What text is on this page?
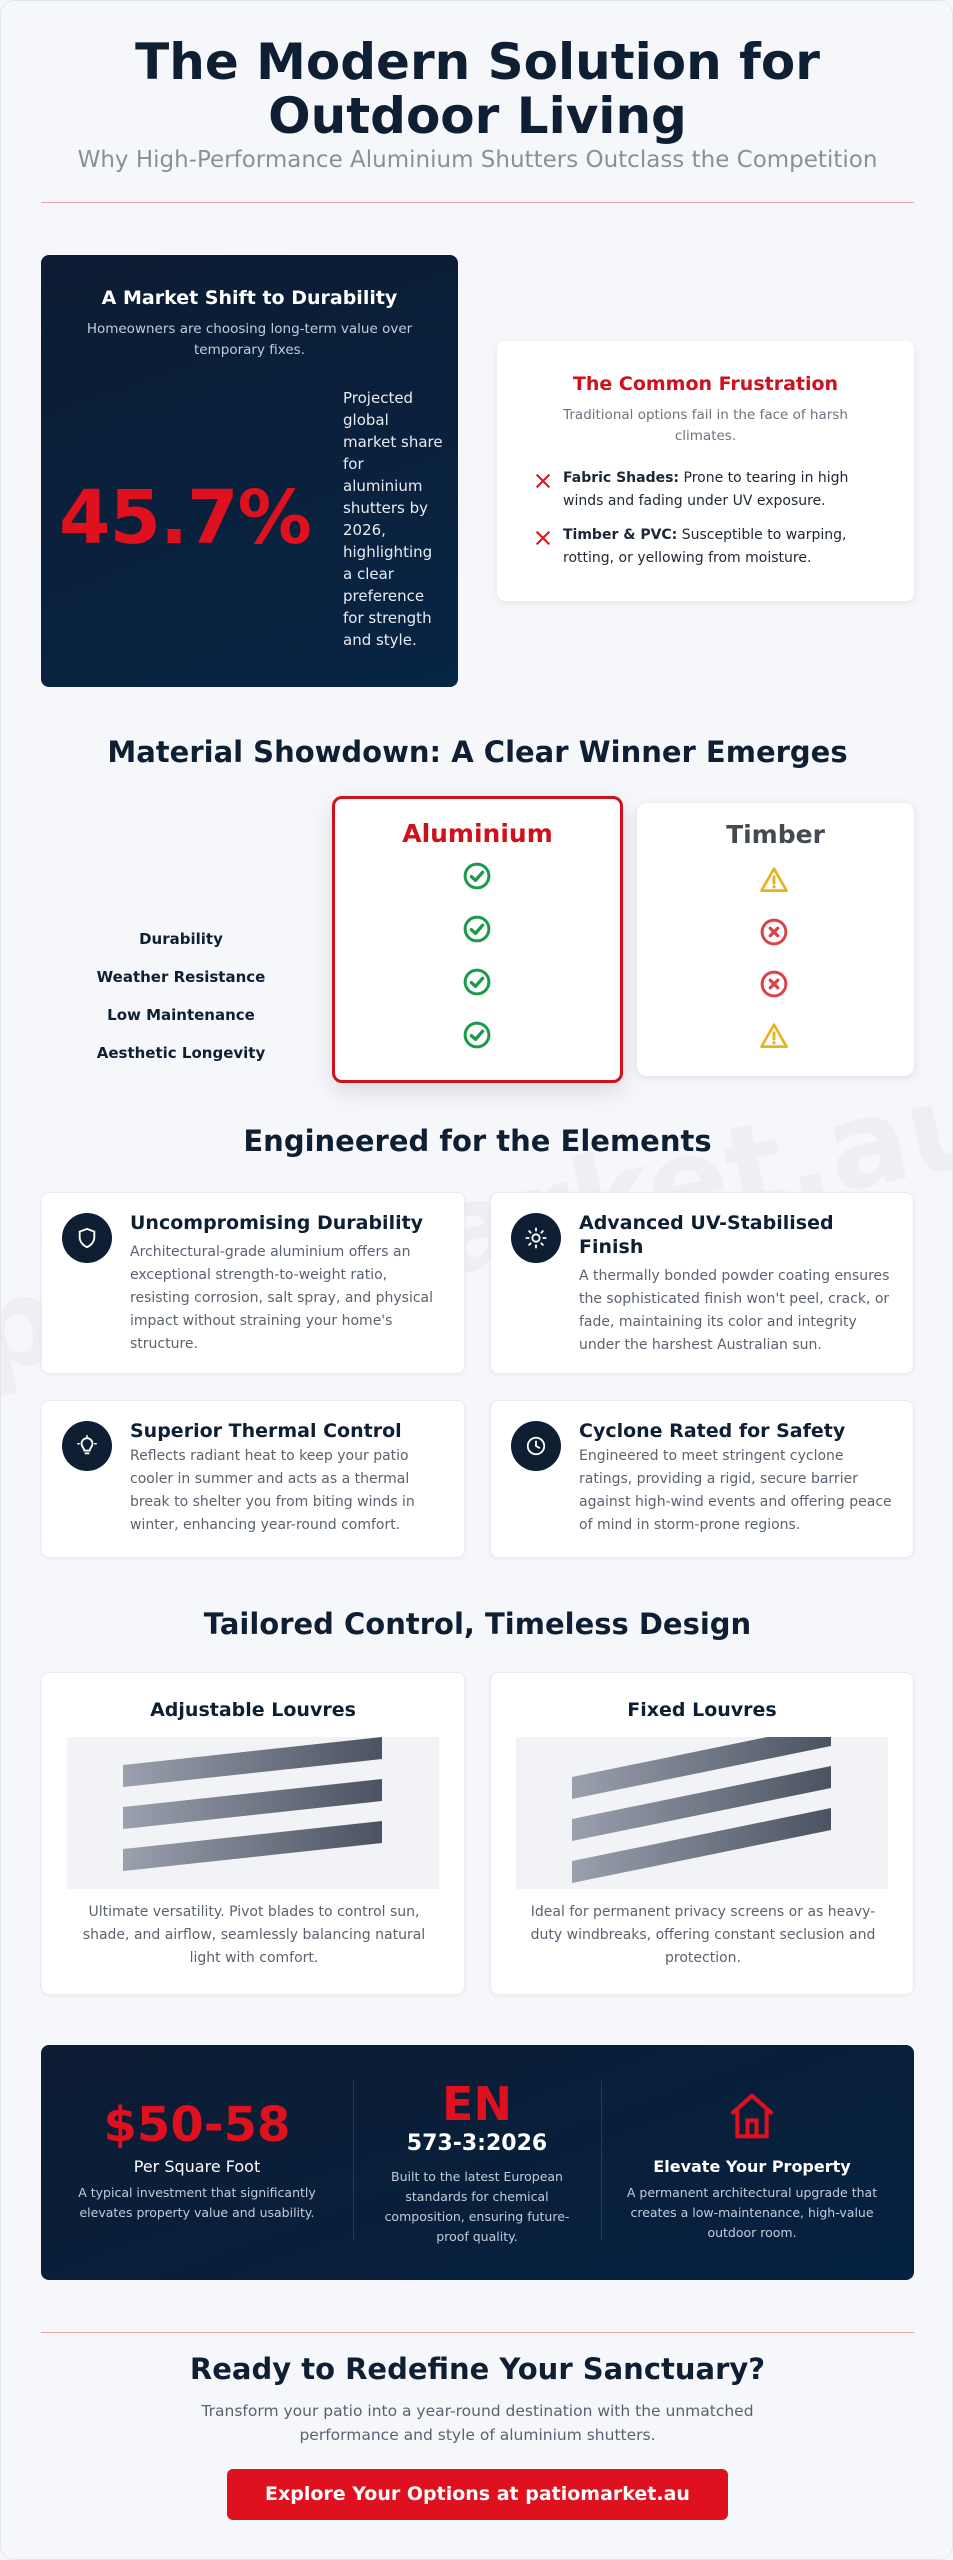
The Modern Solution for Outdoor Living
Why High-Performance Aluminium Shutters Outclass the Competition
A Market Shift to Durability
Homeowners are choosing long-term value over temporary fixes.
45.7%
Projected global market share for aluminium shutters by 2026, highlighting a clear preference for strength and style.
The Common Frustration
Traditional options fail in the face of harsh climates.
Fabric Shades: Prone to tearing in high winds and fading under UV exposure.
Timber & PVC: Susceptible to warping, rotting, or yellowing from moisture.
Material Showdown: A Clear Winner Emerges
Durability
Weather Resistance
Low Maintenance
Aesthetic Longevity
Aluminium	Timber
Engineered for the Elements
Uncompromising Durability
Architectural-grade aluminium offers an exceptional strength-to-weight ratio, resisting corrosion, salt spray, and physical impact without straining your home's structure.
Advanced UV-Stabilised Finish
A thermally bonded powder coating ensures the sophisticated finish won't peel, crack, or fade, maintaining its color and integrity under the harshest Australian sun.
Superior Thermal Control
Reflects radiant heat to keep your patio cooler in summer and acts as a thermal break to shelter you from biting winds in winter, enhancing year-round comfort.
Cyclone Rated for Safety
Engineered to meet stringent cyclone ratings, providing a rigid, secure barrier against high-wind events and offering peace of mind in storm-prone regions.
Tailored Control, Timeless Design
Adjustable Louvres
Ultimate versatility. Pivot blades to control sun, shade, and airflow, seamlessly balancing natural light with comfort.
Fixed Louvres
Ideal for permanent privacy screens or as heavy-duty windbreaks, offering constant seclusion and protection.
$50-58
Per Square Foot
A typical investment that significantly elevates property value and usability.
EN
573-3:2026
Built to the latest European standards for chemical composition, ensuring future-proof quality.
Elevate Your Property
A permanent architectural upgrade that creates a low-maintenance, high-value outdoor room.
Ready to Redefine Your Sanctuary?
Transform your patio into a year-round destination with the unmatched performance and style of aluminium shutters.
Explore Your Options at patiomarket.au
